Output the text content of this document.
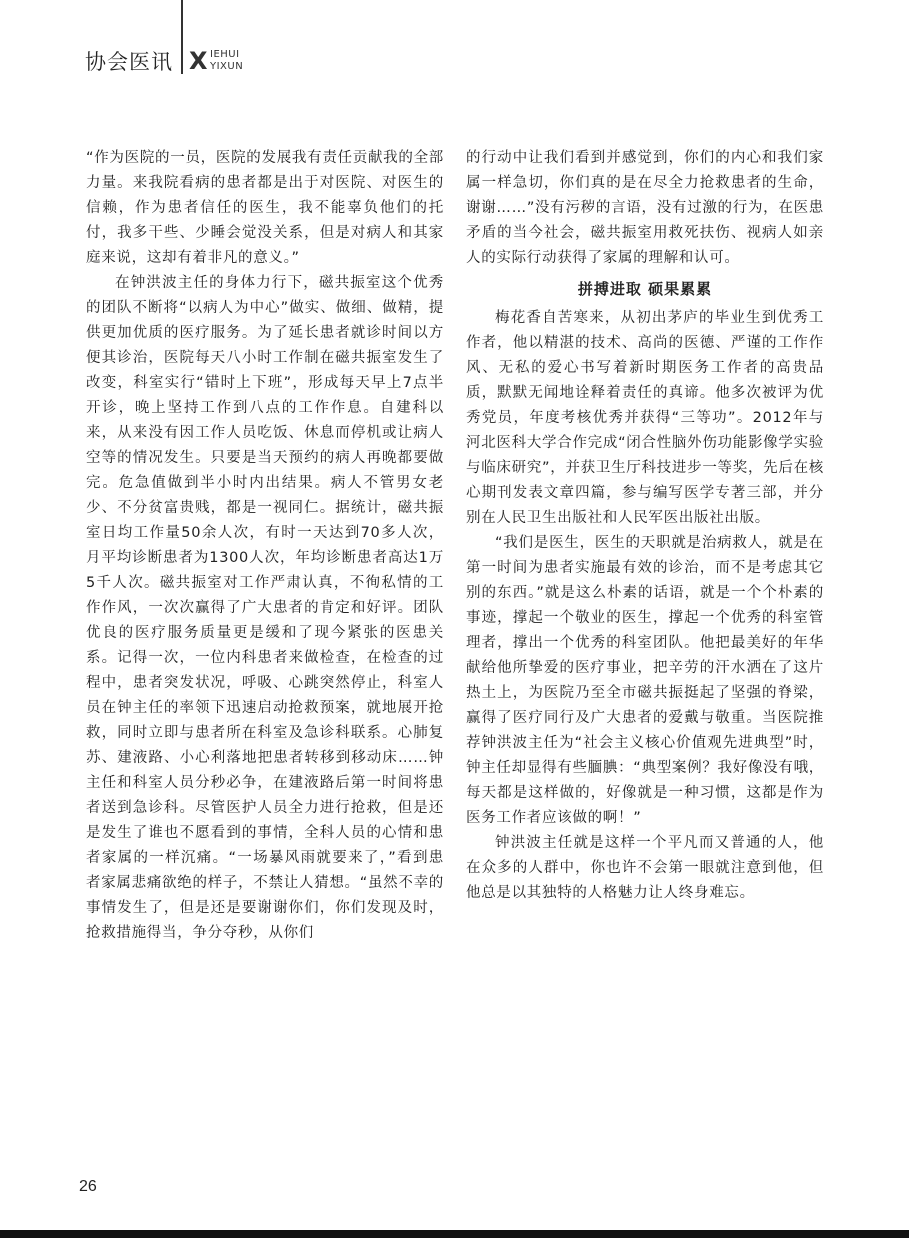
协会医讯 X IEHUI
YIXUN

“作为医院的一员，医院的发展我有责任贡献我的全部力量。来我院看病的患者都是出于对医院、对医生的信赖，作为患者信任的医生，我不能辜负他们的托付，我多干些、少睡会觉没关系，但是对病人和其家庭来说，这却有着非凡的意义。”

在钟洪波主任的身体力行下，磁共振室这个优秀的团队不断将“以病人为中心”做实、做细、做精，提供更加优质的医疗服务。为了延长患者就诊时间以方便其诊治，医院每天八小时工作制在磁共振室发生了改变，科室实行“错时上下班”，形成每天早上7点半开诊，晚上坚持工作到八点的工作作息。自建科以来，从来没有因工作人员吃饭、休息而停机或让病人空等的情况发生。只要是当天预约的病人再晚都要做完。危急值做到半小时内出结果。病人不管男女老少、不分贫富贵贱，都是一视同仁。据统计，磁共振室日均工作量50余人次，有时一天达到70多人次，月平均诊断患者为1300人次，年均诊断患者高达1万5千人次。磁共振室对工作严肃认真，不徇私情的工作作风，一次次赢得了广大患者的肯定和好评。团队优良的医疗服务质量更是缓和了现今紧张的医患关系。记得一次，一位内科患者来做检查，在检查的过程中，患者突发状况，呼吸、心跳突然停止，科室人员在钟主任的率领下迅速启动抢救预案，就地展开抢救，同时立即与患者所在科室及急诊科联系。心肺复苏、建液路、小心利落地把患者转移到移动床……钟主任和科室人员分秒必争，在建液路后第一时间将患者送到急诊科。尽管医护人员全力进行抢救，但是还是发生了谁也不愿看到的事情，全科人员的心情和患者家属的一样沉痛。“一场暴风雨就要来了，”看到患者家属悲痛欲绝的样子，不禁让人猜想。“虽然不幸的事情发生了，但是还是要谢谢你们，你们发现及时，抢救措施得当，争分夺秒，从你们

的行动中让我们看到并感觉到，你们的内心和我们家属一样急切，你们真的是在尽全力抢救患者的生命，谢谢……”没有污秽的言语，没有过激的行为，在医患矛盾的当今社会，磁共振室用救死扶伤、视病人如亲人的实际行动获得了家属的理解和认可。

拼搏进取 硕果累累

梅花香自苦寒来，从初出茅庐的毕业生到优秀工作者，他以精湛的技术、高尚的医德、严谨的工作作风、无私的爱心书写着新时期医务工作者的高贵品质，默默无闻地诠释着责任的真谛。他多次被评为优秀党员，年度考核优秀并获得“三等功”。2012年与河北医科大学合作完成“闭合性脑外伤功能影像学实验与临床研究”，并获卫生厅科技进步一等奖，先后在核心期刊发表文章四篇，参与编写医学专著三部，并分别在人民卫生出版社和人民军医出版社出版。

“我们是医生，医生的天职就是治病救人，就是在第一时间为患者实施最有效的诊治，而不是考虑其它别的东西。”就是这么朴素的话语，就是一个个朴素的事迹，撑起一个敬业的医生，撑起一个优秀的科室管理者，撑出一个优秀的科室团队。他把最美好的年华献给他所挚爱的医疗事业，把辛劳的汗水洒在了这片热土上，为医院乃至全市磁共振挺起了坚强的脊梁，赢得了医疗同行及广大患者的爱戴与敬重。当医院推荐钟洪波主任为“社会主义核心价值观先进典型”时，钟主任却显得有些腼腆：“典型案例？我好像没有哦，每天都是这样做的，好像就是一种习惯，这都是作为医务工作者应该做的啊！”

钟洪波主任就是这样一个平凡而又普通的人，他在众多的人群中，你也许不会第一眼就注意到他，但他总是以其独特的人格魅力让人终身难忘。

26
